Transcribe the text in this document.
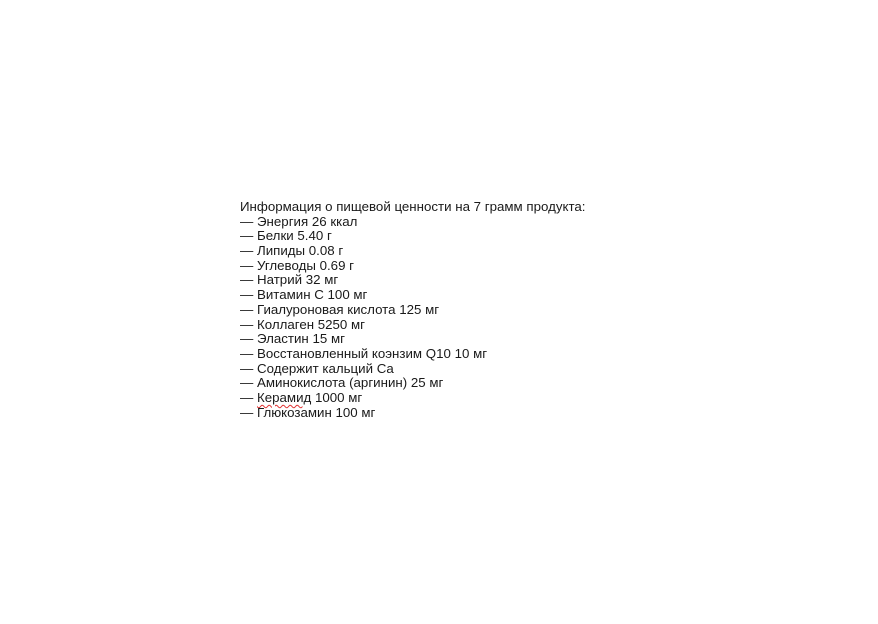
Информация о пищевой ценности на 7 грамм продукта:
— Энергия 26 ккал
— Белки 5.40 г
— Липиды 0.08 г
— Углеводы 0.69 г
— Натрий 32 мг
— Витамин C 100 мг
— Гиалуроновая кислота 125 мг
— Коллаген 5250 мг
— Эластин 15 мг
— Восстановленный коэнзим Q10 10 мг
— Содержит кальций Ca
— Аминокислота (аргинин) 25 мг
— Керамид 1000 мг
— Глюкозамин 100 мг
